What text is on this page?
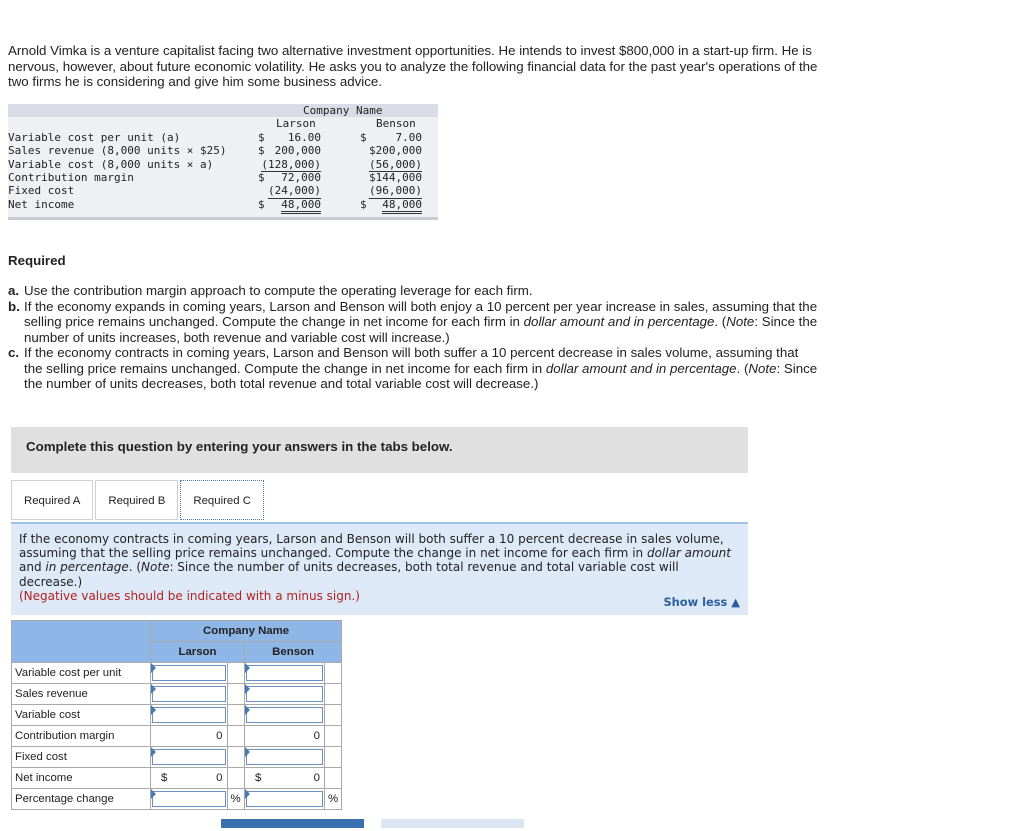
Arnold Vimka is a venture capitalist facing two alternative investment opportunities. He intends to invest $800,000 in a start-up firm. He is nervous, however, about future economic volatility. He asks you to analyze the following financial data for the past year's operations of the two firms he is considering and give him some business advice.

Company Name

Larson

	Benson

Variable cost per unit (a)	$ 16.00	$	7.00
Sales revenue (8,000 units × $25)	$ 200,000	$200,000
Variable cost (8,000 units × a)	(128,000)	(56,000)
Contribution margin	$ 72,000	$144,000
Fixed cost	(24,000)	(96,000)
Net income	$ 48,000	$ 48,000
Required
a. Use the contribution margin approach to compute the operating leverage for each firm.
b. If the economy expands in coming years, Larson and Benson will both enjoy a 10 percent per year increase in sales, assuming that the selling price remains unchanged. Compute the change in net income for each firm in dollar amount and in percentage. (Note: Since the number of units increases, both revenue and variable cost will increase.)
c. If the economy contracts in coming years, Larson and Benson will both suffer a 10 percent decrease in sales volume, assuming that the selling price remains unchanged. Compute the change in net income for each firm in dollar amount and in percentage. (Note: Since the number of units decreases, both total revenue and total variable cost will decrease.)
Complete this question by entering your answers in the tabs below.
Required A	Required B	Required C
If the economy contracts in coming years, Larson and Benson will both suffer a 10 percent decrease in sales volume, assuming that the selling price remains unchanged. Compute the change in net income for each firm in dollar amount and in percentage. (Note: Since the number of units decreases, both total revenue and total variable cost will decrease.)
(Negative values should be indicated with a minus sign.)	Show less ▲
	Company Name			
	Larson		Benson	
Variable cost per unit	

Sales revenue	

Variable cost	

Contribution margin	0		0	

Fixed cost	

Net income	$ 0		$ 0	

Percentage change		%		%
